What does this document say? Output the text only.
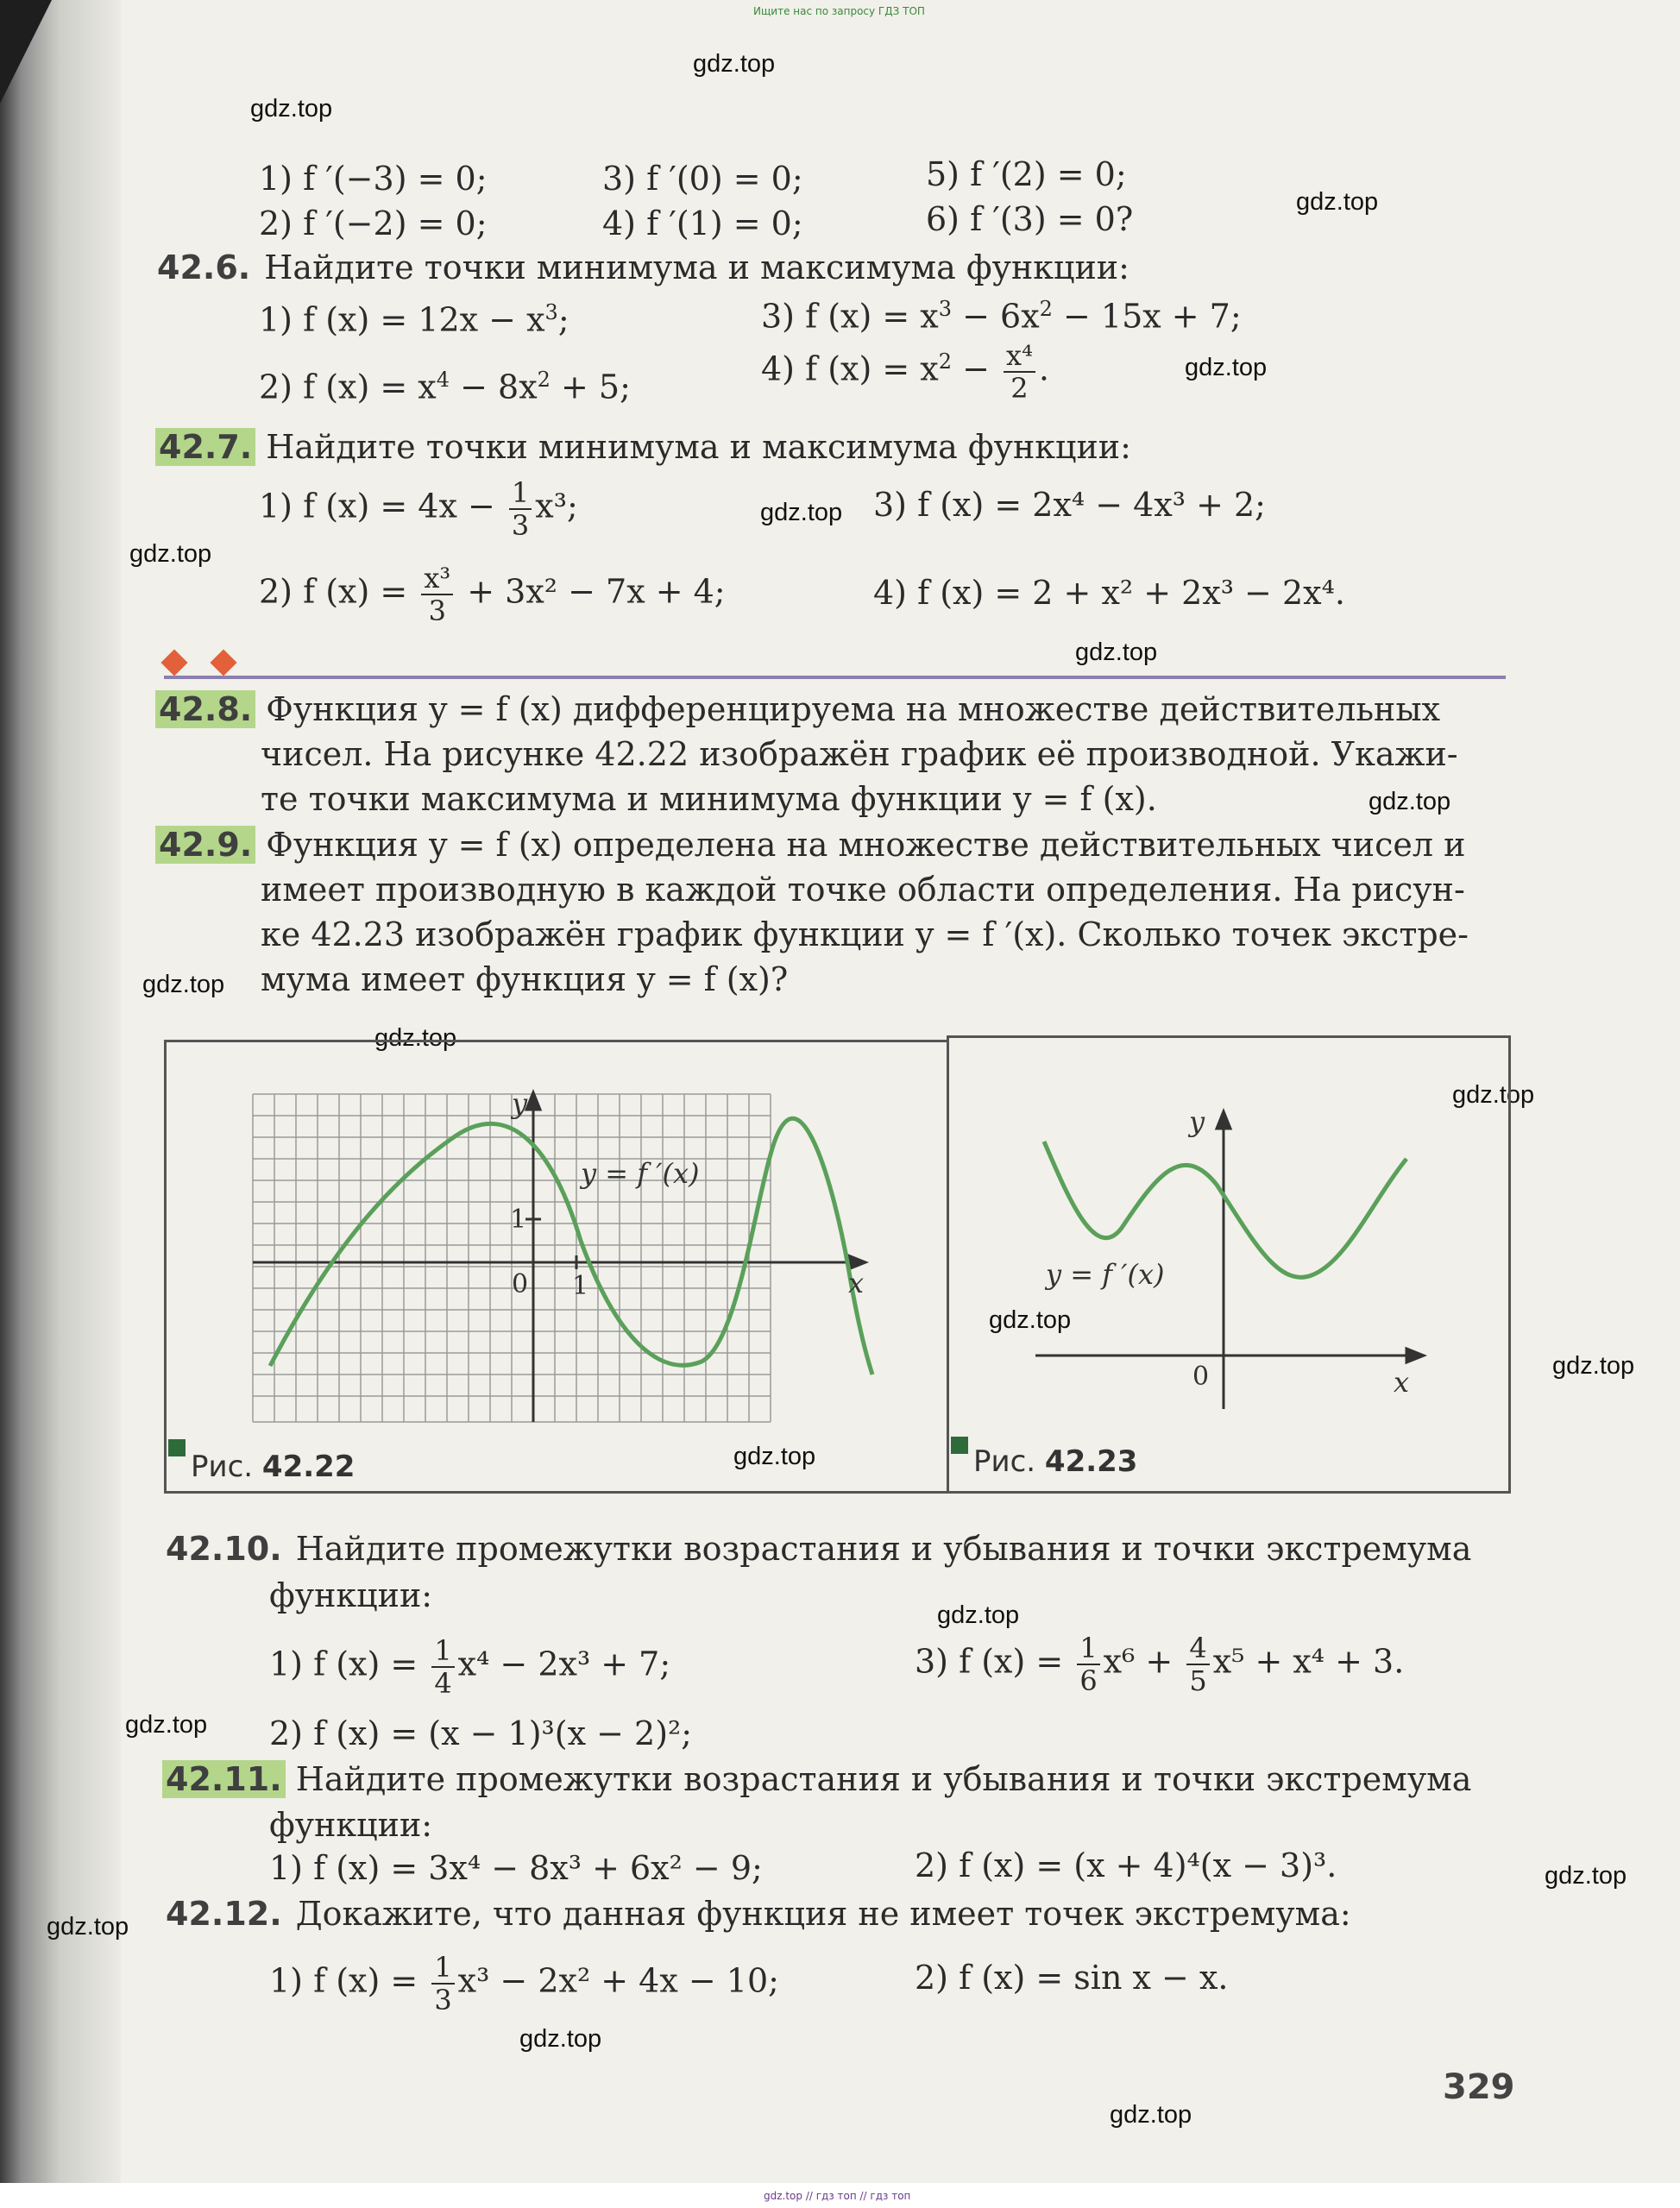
Ищите нас по запросу ГДЗ ТОП
gdz.top
gdz.top
gdz.top
gdz.top
gdz.top
gdz.top
gdz.top
gdz.top
gdz.top
gdz.top
gdz.top
gdz.top
gdz.top
gdz.top
gdz.top
gdz.top
gdz.top
gdz.top
gdz.top
gdz.top
1) f ′(−3) = 0;
2) f ′(−2) = 0;
3) f ′(0) = 0;
4) f ′(1) = 0;
5) f ′(2) = 0;
6) f ′(3) = 0?
42.6. Найдите точки минимума и максимума функции:
1) f $(x) = 12x - x^3$;
2) f $(x) = x^4 - 8x^2 + 5$;
3) f $(x) = x^3 - 6x^2 - 15x + 7$;
4) f $(x) = x^2 - \frac{\text{x⁴}}{2}$ .
42.7. Найдите точки минимума и максимума функции:
1) f $(x) = 4x - \frac{1}{3} x^3$;
2) f $(x) = \frac{\text{x³}}{3} + 3x^2 - 7x + 4$;
3) f (x) = 2x⁴ − 4x³ + 2;
4) f (x) = 2 + x² + 2x³ − 2x⁴.
42.8. Функция y = f (x) дифференцируема на множестве действительных
чисел. На рисунке 42.22 изображён график её производной. Укажи-
те точки максимума и минимума функции y = f (x).
42.9. Функция y = f (x) определена на множестве действительных чисел и
имеет производную в каждой точке области определения. На рисун-
ке 42.23 изображён график функции y = f ′(x). Сколько точек экстре-
мума имеет функция y = f (x)?
y
x
0 1
1
y = f ′(x)
Рис. 42.22
y
x
0
y = f ′(x)
Рис. 42.23
42.10. Найдите промежутки возрастания и убывания и точки экстремума
функции:
1) f $(x) = \frac{1}{4} x^4 - 2x^3 + 7$;
2) f (x) = (x − 1)³(x − 2)²;
3) f $(x) = \frac{1}{6} x^6 + \frac{4}{5} x^5 + x^4 + 3$.
42.11. Найдите промежутки возрастания и убывания и точки экстремума
функции:
1) f (x) = 3x⁴ − 8x³ + 6x² − 9;	2) f (x) = (x + 4)⁴(x − 3)³.
42.12. Докажите, что данная функция не имеет точек экстремума:
1) f $(x) = \frac{1}{3} x^3 - 2x^2 + 4x - 10$;	2) f (x) = sin x − x.
329
gdz.top // гдз топ // гдз топ
